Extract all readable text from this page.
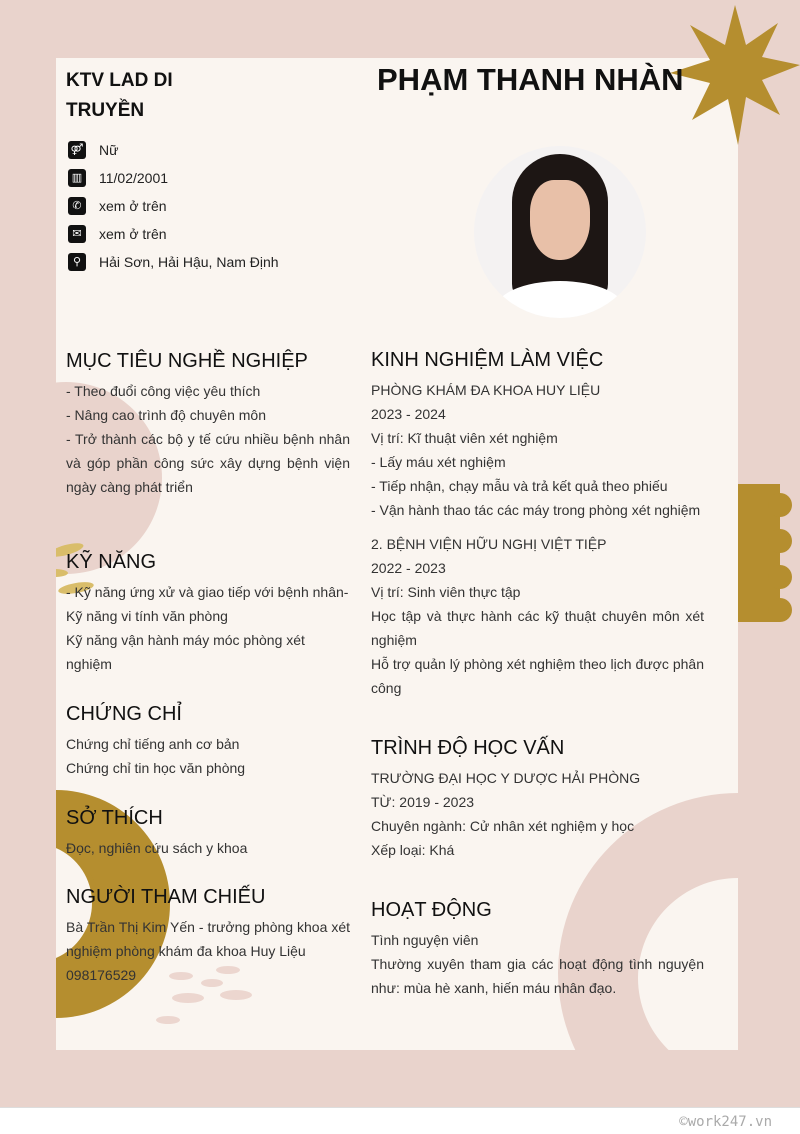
KTV LAD DI TRUYỀN
PHẠM THANH NHÀN
⚤ Nữ
▥ 11/02/2001
✆	xem ở trên
✉	xem ở trên
⚲	Hải Sơn, Hải Hậu, Nam Định
MỤC TIÊU NGHỀ NGHIỆP
- Theo đuổi công việc yêu thích
- Nâng cao trình độ chuyên môn
- Trở thành các bộ y tế cứu nhiều bệnh nhân và góp phần công sức xây dựng bệnh viện ngày càng phát triển
KỸ NĂNG
- Kỹ năng ứng xử và giao tiếp với bệnh nhân-
Kỹ năng vi tính văn phòng
Kỹ năng vận hành máy móc phòng xét nghiệm
CHỨNG CHỈ
Chứng chỉ tiếng anh cơ bản
Chứng chỉ tin học văn phòng
SỞ THÍCH
Đọc, nghiên cứu sách y khoa
NGƯỜI THAM CHIẾU
Bà Trần Thị Kim Yến - trưởng phòng khoa xét nghiệm phòng khám đa khoa Huy Liệu
098176529
KINH NGHIỆM LÀM VIỆC
PHÒNG KHÁM ĐA KHOA HUY LIỆU
2023 - 2024
Vị trí: Kĩ thuật viên xét nghiệm
- Lấy máu xét nghiệm
- Tiếp nhận, chạy mẫu và trả kết quả theo phiếu
- Vận hành thao tác các máy trong phòng xét nghiệm
2. BỆNH VIỆN HỮU NGHỊ VIỆT TIỆP
2022 - 2023
Vị trí: Sinh viên thực tập
Học tập và thực hành các kỹ thuật chuyên môn xét nghiệm
Hỗ trợ quản lý phòng xét nghiệm theo lịch được phân công
TRÌNH ĐỘ HỌC VẤN
TRƯỜNG ĐẠI HỌC Y DƯỢC HẢI PHÒNG
TỪ: 2019 - 2023
Chuyên ngành: Cử nhân xét nghiệm y học
Xếp loại: Khá
HOẠT ĐỘNG
Tình nguyện viên
Thường xuyên tham gia các hoạt động tình nguyện như: mùa hè xanh, hiến máu nhân đạo.
©work247.vn
